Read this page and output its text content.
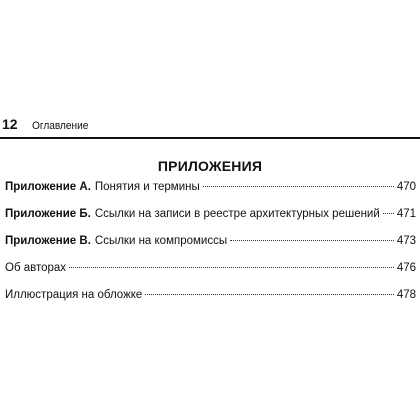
12	Оглавление
ПРИЛОЖЕНИЯ
Приложение А. Понятия и термины	470
Приложение Б. Ссылки на записи в реестре архитектурных решений 471
Приложение В. Ссылки на компромиссы	473
Об авторах	476
Иллюстрация на обложке	478
